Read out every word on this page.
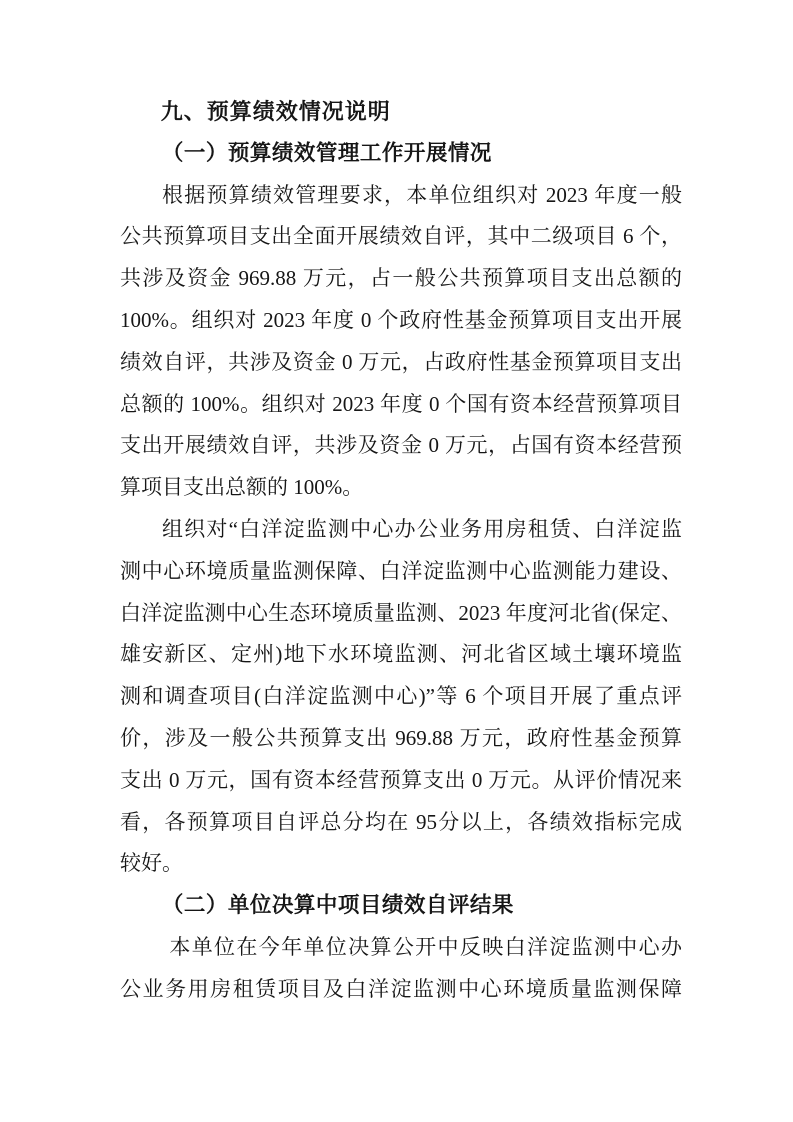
九、预算绩效情况说明
（一）预算绩效管理工作开展情况
根据预算绩效管理要求，本单位组织对 2023 年度一般
公共预算项目支出全面开展绩效自评，其中二级项目 6 个，
共涉及资金 969.88 万元，占一般公共预算项目支出总额的
100%。组织对 2023 年度 0 个政府性基金预算项目支出开展
绩效自评，共涉及资金 0 万元，占政府性基金预算项目支出
总额的 100%。组织对 2023 年度 0 个国有资本经营预算项目
支出开展绩效自评，共涉及资金 0 万元，占国有资本经营预
算项目支出总额的 100%。
组织对“白洋淀监测中心办公业务用房租赁、白洋淀监
测中心环境质量监测保障、白洋淀监测中心监测能力建设、
白洋淀监测中心生态环境质量监测、2023 年度河北省(保定、
雄安新区、定州)地下水环境监测、河北省区域土壤环境监
测和调查项目(白洋淀监测中心)”等 6 个项目开展了重点评
价，涉及一般公共预算支出 969.88 万元，政府性基金预算
支出 0 万元，国有资本经营预算支出 0 万元。从评价情况来
看，各预算项目自评总分均在 95分以上，各绩效指标完成
较好。
（二）单位决算中项目绩效自评结果
本单位在今年单位决算公开中反映白洋淀监测中心办
公业务用房租赁项目及白洋淀监测中心环境质量监测保障
